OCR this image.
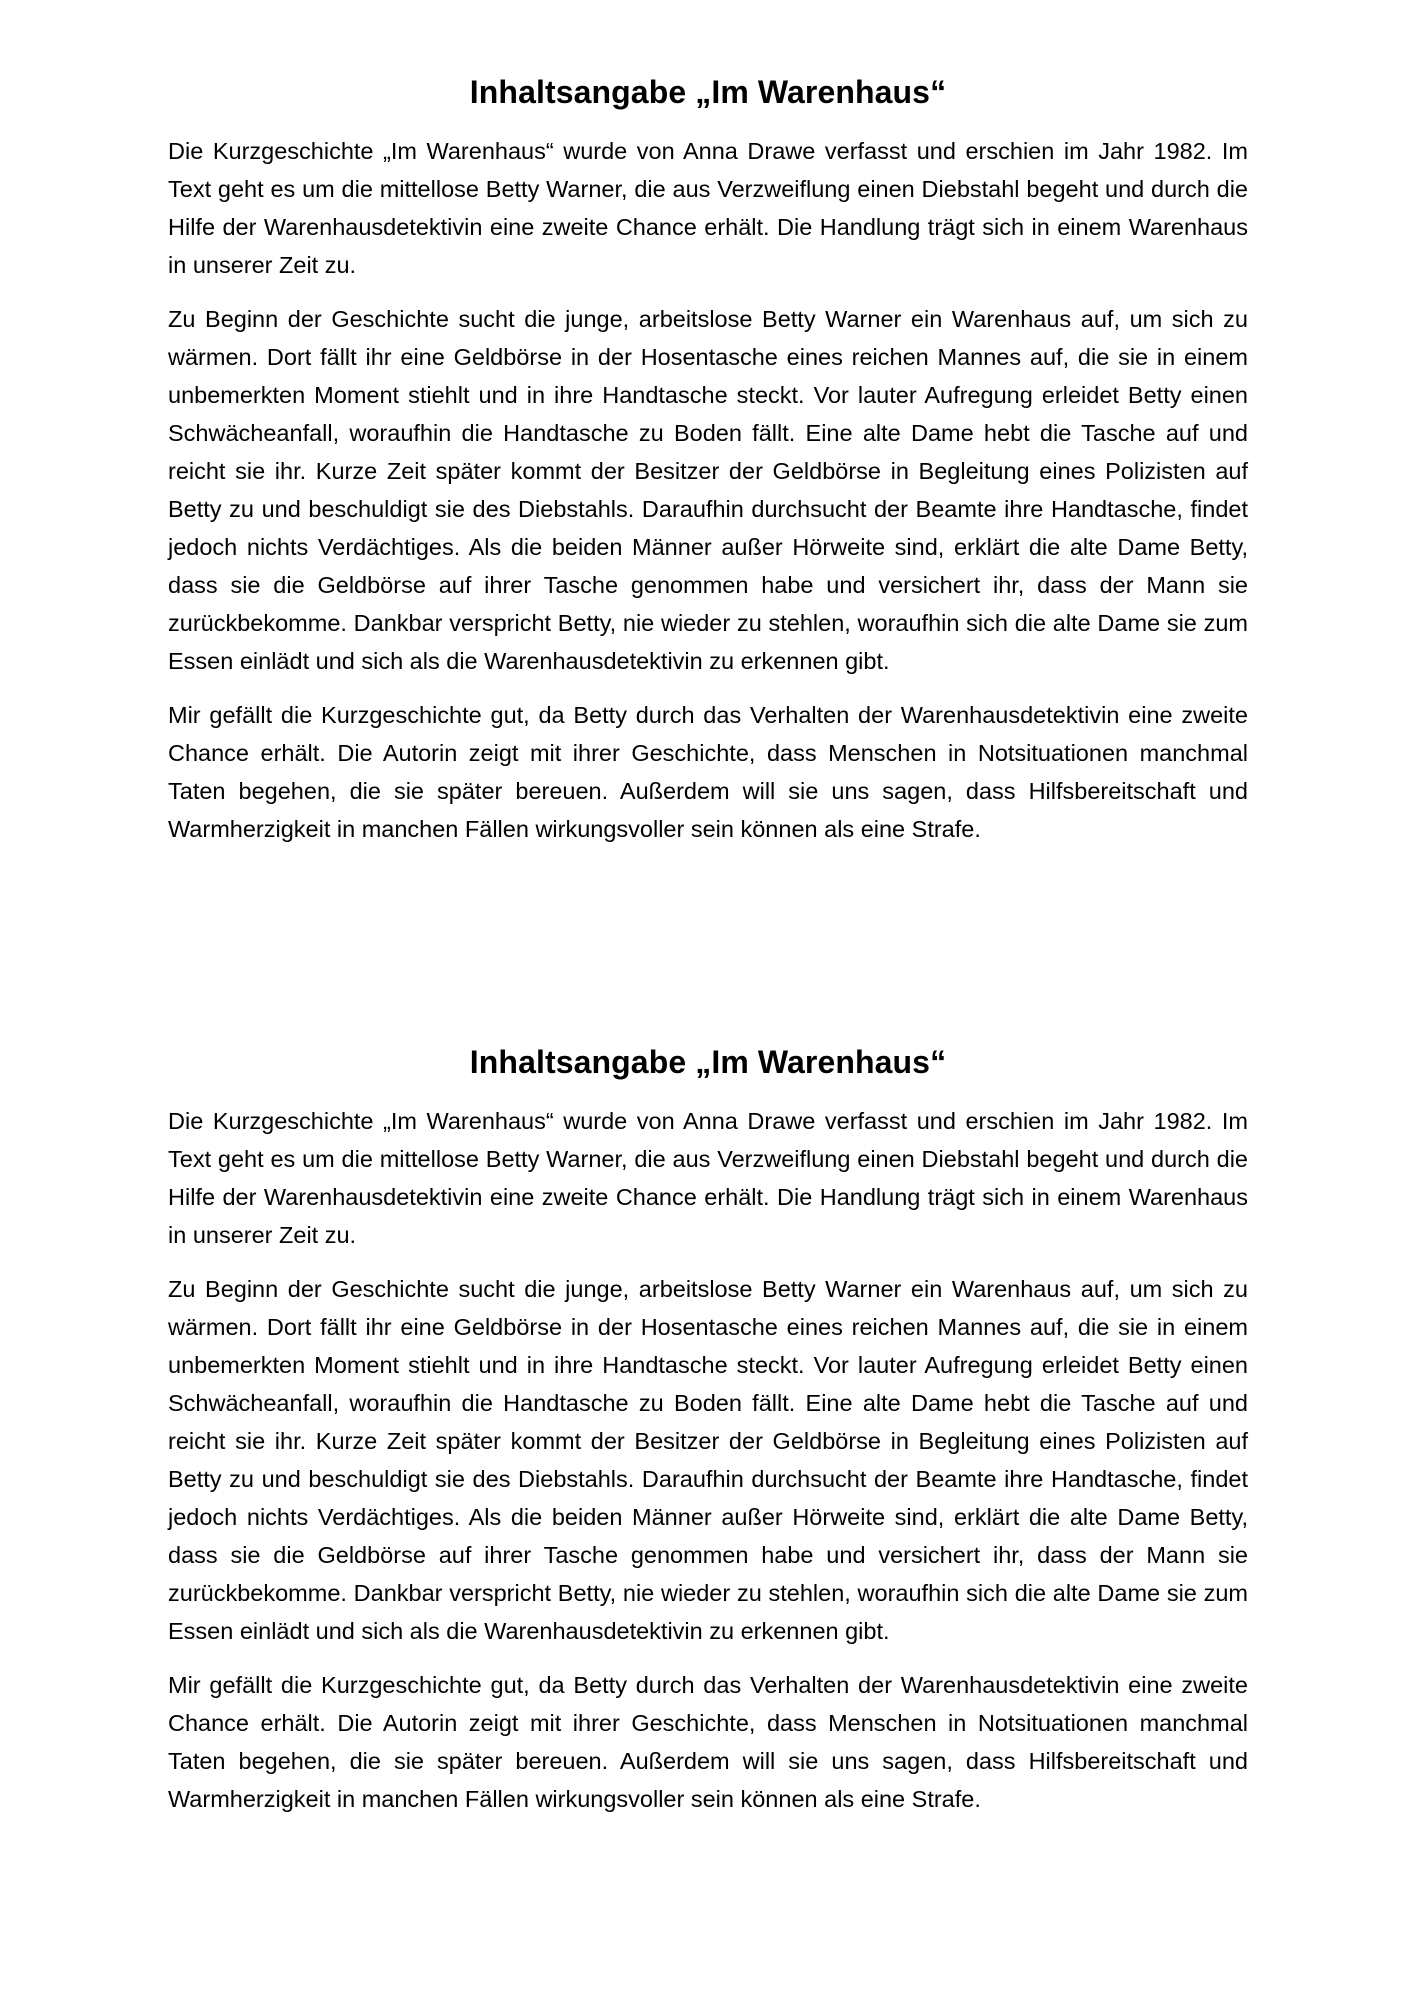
Inhaltsangabe „Im Warenhaus“

Die Kurzgeschichte „Im Warenhaus“ wurde von Anna Drawe verfasst und erschien im Jahr 1982. Im Text geht es um die mittellose Betty Warner, die aus Verzweiflung einen Diebstahl begeht und durch die Hilfe der Warenhausdetektivin eine zweite Chance erhält. Die Handlung trägt sich in einem Warenhaus in unserer Zeit zu.

Zu Beginn der Geschichte sucht die junge, arbeitslose Betty Warner ein Warenhaus auf, um sich zu wärmen. Dort fällt ihr eine Geldbörse in der Hosentasche eines reichen Mannes auf, die sie in einem unbemerkten Moment stiehlt und in ihre Handtasche steckt. Vor lauter Aufregung erleidet Betty einen Schwächeanfall, woraufhin die Handtasche zu Boden fällt. Eine alte Dame hebt die Tasche auf und reicht sie ihr. Kurze Zeit später kommt der Besitzer der Geldbörse in Begleitung eines Polizisten auf Betty zu und beschuldigt sie des Diebstahls. Daraufhin durchsucht der Beamte ihre Handtasche, findet jedoch nichts Verdächtiges. Als die beiden Männer außer Hörweite sind, erklärt die alte Dame Betty, dass sie die Geldbörse auf ihrer Tasche genommen habe und versichert ihr, dass der Mann sie zurückbekomme. Dankbar verspricht Betty, nie wieder zu stehlen, woraufhin sich die alte Dame sie zum Essen einlädt und sich als die Warenhausdetektivin zu erkennen gibt.

Mir gefällt die Kurzgeschichte gut, da Betty durch das Verhalten der Warenhausdetektivin eine zweite Chance erhält. Die Autorin zeigt mit ihrer Geschichte, dass Menschen in Notsituationen manchmal Taten begehen, die sie später bereuen. Außerdem will sie uns sagen, dass Hilfsbereitschaft und Warmherzigkeit in manchen Fällen wirkungsvoller sein können als eine Strafe.

Inhaltsangabe „Im Warenhaus“

Die Kurzgeschichte „Im Warenhaus“ wurde von Anna Drawe verfasst und erschien im Jahr 1982. Im Text geht es um die mittellose Betty Warner, die aus Verzweiflung einen Diebstahl begeht und durch die Hilfe der Warenhausdetektivin eine zweite Chance erhält. Die Handlung trägt sich in einem Warenhaus in unserer Zeit zu.

Zu Beginn der Geschichte sucht die junge, arbeitslose Betty Warner ein Warenhaus auf, um sich zu wärmen. Dort fällt ihr eine Geldbörse in der Hosentasche eines reichen Mannes auf, die sie in einem unbemerkten Moment stiehlt und in ihre Handtasche steckt. Vor lauter Aufregung erleidet Betty einen Schwächeanfall, woraufhin die Handtasche zu Boden fällt. Eine alte Dame hebt die Tasche auf und reicht sie ihr. Kurze Zeit später kommt der Besitzer der Geldbörse in Begleitung eines Polizisten auf Betty zu und beschuldigt sie des Diebstahls. Daraufhin durchsucht der Beamte ihre Handtasche, findet jedoch nichts Verdächtiges. Als die beiden Männer außer Hörweite sind, erklärt die alte Dame Betty, dass sie die Geldbörse auf ihrer Tasche genommen habe und versichert ihr, dass der Mann sie zurückbekomme. Dankbar verspricht Betty, nie wieder zu stehlen, woraufhin sich die alte Dame sie zum Essen einlädt und sich als die Warenhausdetektivin zu erkennen gibt.

Mir gefällt die Kurzgeschichte gut, da Betty durch das Verhalten der Warenhausdetektivin eine zweite Chance erhält. Die Autorin zeigt mit ihrer Geschichte, dass Menschen in Notsituationen manchmal Taten begehen, die sie später bereuen. Außerdem will sie uns sagen, dass Hilfsbereitschaft und Warmherzigkeit in manchen Fällen wirkungsvoller sein können als eine Strafe.
